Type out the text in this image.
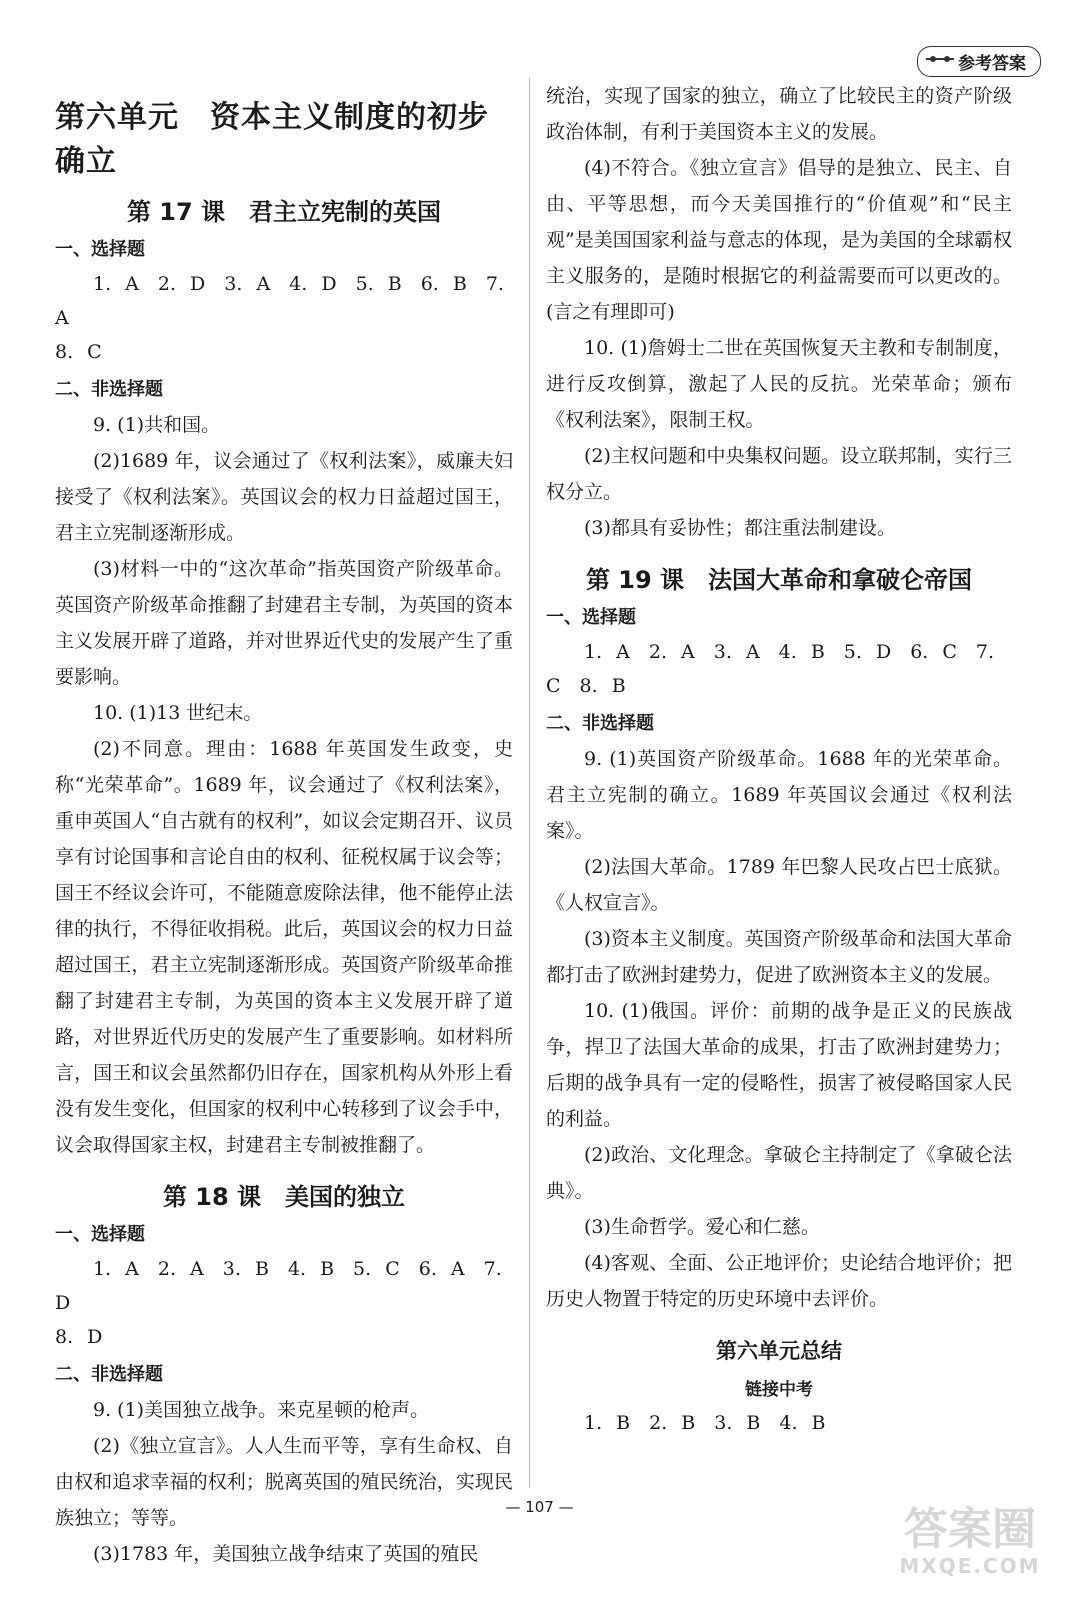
参考答案
第六单元　资本主义制度的初步确立
第 17 课　君主立宪制的英国
一、选择题

1. A　2. D　3. A　4. D　5. B　6. B　7. A

8. C

二、非选择题

9. (1)共和国。

(2)1689 年，议会通过了《权利法案》，威廉夫妇接受了《权利法案》。英国议会的权力日益超过国王，君主立宪制逐渐形成。

(3)材料一中的“这次革命”指英国资产阶级革命。英国资产阶级革命推翻了封建君主专制，为英国的资本主义发展开辟了道路，并对世界近代史的发展产生了重要影响。

10. (1)13 世纪末。

(2)不同意。理由：1688 年英国发生政变，史称“光荣革命”。1689 年，议会通过了《权利法案》，重申英国人“自古就有的权利”，如议会定期召开、议员享有讨论国事和言论自由的权利、征税权属于议会等；国王不经议会许可，不能随意废除法律，他不能停止法律的执行，不得征收捐税。此后，英国议会的权力日益超过国王，君主立宪制逐渐形成。英国资产阶级革命推翻了封建君主专制，为英国的资本主义发展开辟了道路，对世界近代历史的发展产生了重要影响。如材料所言，国王和议会虽然都仍旧存在，国家机构从外形上看没有发生变化，但国家的权利中心转移到了议会手中，议会取得国家主权，封建君主专制被推翻了。

第 18 课　美国的独立
一、选择题

1. A　2. A　3. B　4. B　5. C　6. A　7. D

8. D

二、非选择题

9. (1)美国独立战争。来克星顿的枪声。

(2)《独立宣言》。人人生而平等，享有生命权、自由权和追求幸福的权利；脱离英国的殖民统治，实现民族独立；等等。

(3)1783 年，美国独立战争结束了英国的殖民

统治，实现了国家的独立，确立了比较民主的资产阶级政治体制，有利于美国资本主义的发展。

(4)不符合。《独立宣言》倡导的是独立、民主、自由、平等思想，而今天美国推行的“价值观”和“民主观”是美国国家利益与意志的体现，是为美国的全球霸权主义服务的，是随时根据它的利益需要而可以更改的。(言之有理即可)

10. (1)詹姆士二世在英国恢复天主教和专制制度，进行反攻倒算，激起了人民的反抗。光荣革命；颁布《权利法案》，限制王权。

(2)主权问题和中央集权问题。设立联邦制，实行三权分立。

(3)都具有妥协性；都注重法制建设。

第 19 课　法国大革命和拿破仑帝国
一、选择题

1. A　2. A　3. A　4. B　5. D　6. C　7. C　8. B

二、非选择题

9. (1)英国资产阶级革命。1688 年的光荣革命。君主立宪制的确立。1689 年英国议会通过《权利法案》。

(2)法国大革命。1789 年巴黎人民攻占巴士底狱。《人权宣言》。

(3)资本主义制度。英国资产阶级革命和法国大革命都打击了欧洲封建势力，促进了欧洲资本主义的发展。

10. (1)俄国。评价：前期的战争是正义的民族战争，捍卫了法国大革命的成果，打击了欧洲封建势力；后期的战争具有一定的侵略性，损害了被侵略国家人民的利益。

(2)政治、文化理念。拿破仑主持制定了《拿破仑法典》。

(3)生命哲学。爱心和仁慈。

(4)客观、全面、公正地评价；史论结合地评价；把历史人物置于特定的历史环境中去评价。

第六单元总结
链接中考

1. B　2. B　3. B　4. B

— 107 —	答案圈
MXQE.COM
